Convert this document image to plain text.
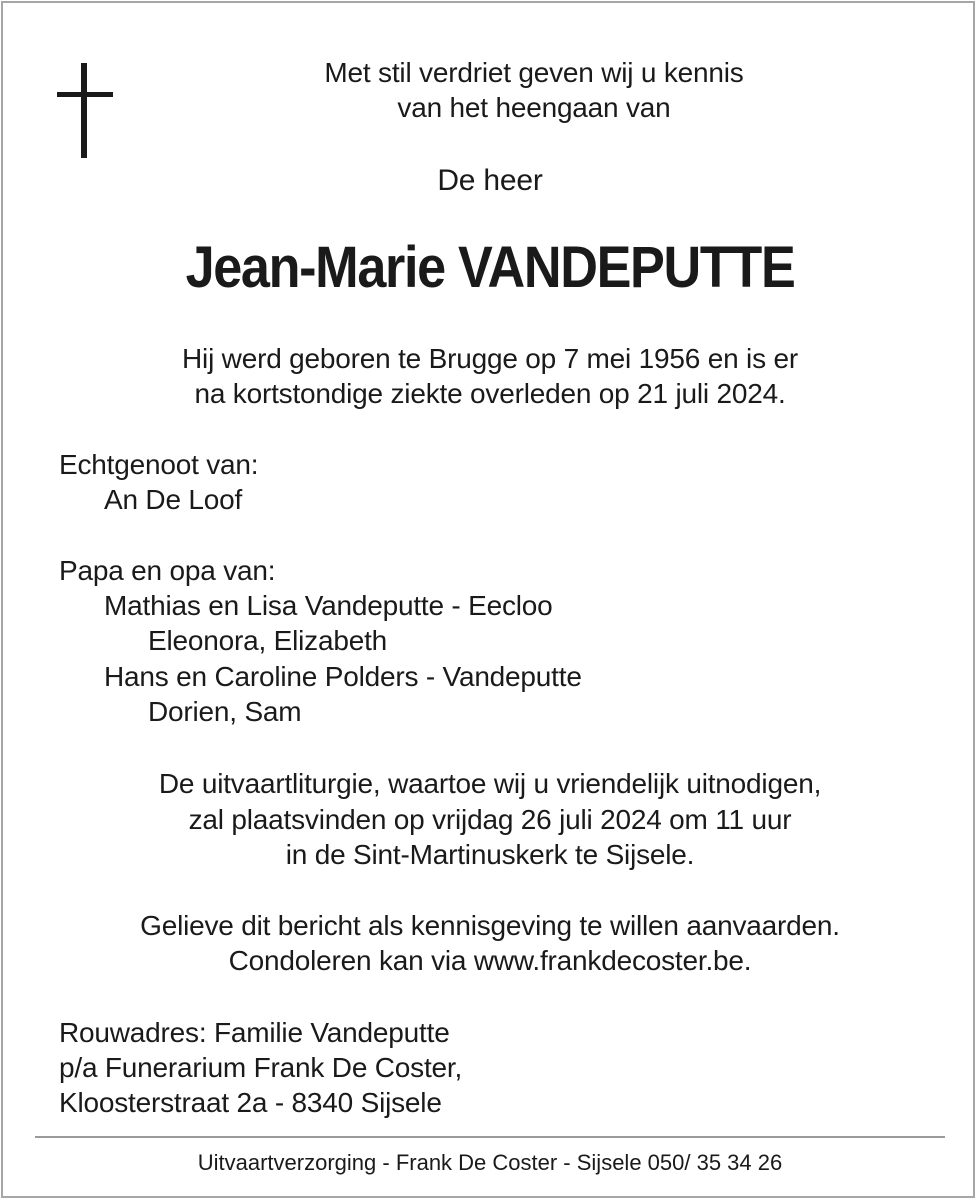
Met stil verdriet geven wij u kennis
van het heengaan van
De heer
Jean-Marie VANDEPUTTE
Hij werd geboren te Brugge op 7 mei 1956 en is er
na kortstondige ziekte overleden op 21 juli 2024.
Echtgenoot van:
An De Loof
Papa en opa van:
Mathias en Lisa Vandeputte - Eecloo
Eleonora, Elizabeth
Hans en Caroline Polders - Vandeputte
Dorien, Sam
De uitvaartliturgie, waartoe wij u vriendelijk uitnodigen,
zal plaatsvinden op vrijdag 26 juli 2024 om 11 uur
in de Sint-Martinuskerk te Sijsele.
Gelieve dit bericht als kennisgeving te willen aanvaarden.
Condoleren kan via www.frankdecoster.be.
Rouwadres: Familie Vandeputte
p/a Funerarium Frank De Coster,
Kloosterstraat 2a - 8340 Sijsele
Uitvaartverzorging - Frank De Coster - Sijsele 050/ 35 34 26
